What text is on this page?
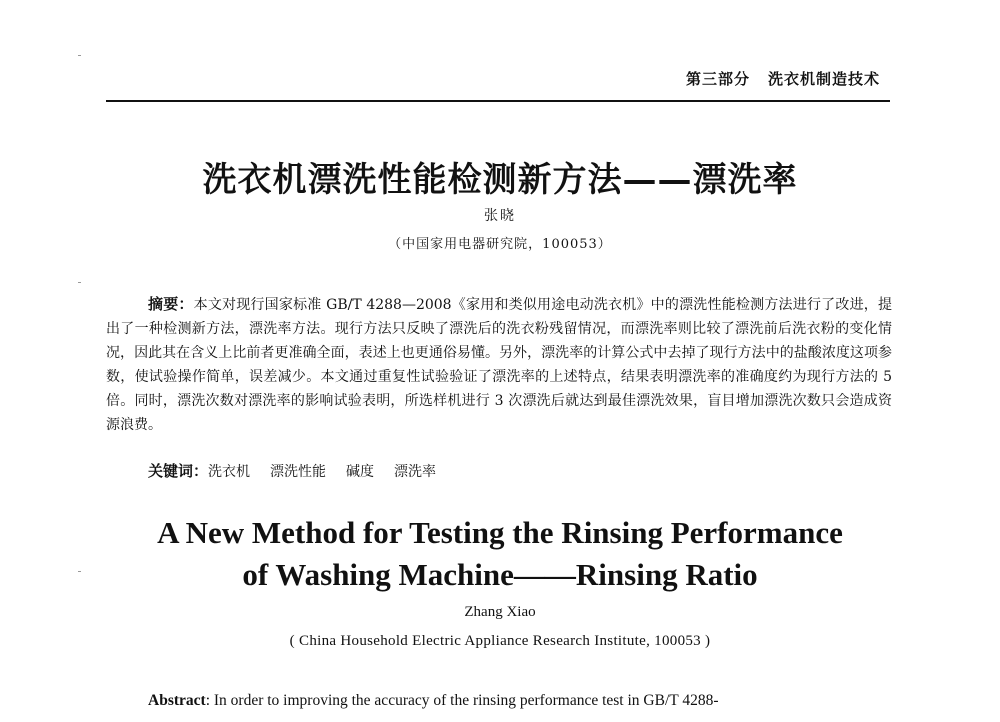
第三部分 洗衣机制造技术
洗衣机漂洗性能检测新方法——漂洗率
张晓
（中国家用电器研究院，100053）
摘要：本文对现行国家标准 GB/T 4288—2008《家用和类似用途电动洗衣机》中的漂洗性能检测方法进行了改进，提出了一种检测新方法，漂洗率方法。现行方法只反映了漂洗后的洗衣粉残留情况，而漂洗率则比较了漂洗前后洗衣粉的变化情况，因此其在含义上比前者更准确全面，表述上也更通俗易懂。另外，漂洗率的计算公式中去掉了现行方法中的盐酸浓度这项参数，使试验操作简单，误差减少。本文通过重复性试验验证了漂洗率的上述特点，结果表明漂洗率的准确度约为现行方法的 5 倍。同时，漂洗次数对漂洗率的影响试验表明，所选样机进行 3 次漂洗后就达到最佳漂洗效果，盲目增加漂洗次数只会造成资源浪费。
关键词：洗衣机 漂洗性能 碱度 漂洗率
A New Method for Testing the Rinsing Performance
of Washing Machine——Rinsing Ratio
Zhang Xiao
( China Household Electric Appliance Research Institute, 100053 )
Abstract: In order to improving the accuracy of the rinsing performance test in GB/T 4288-
